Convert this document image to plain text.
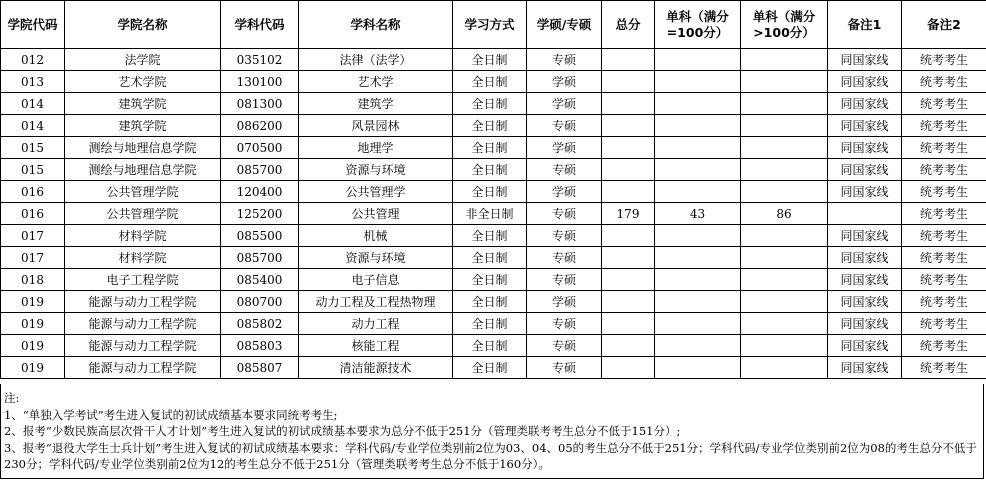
学院代码	学院名称	学科代码	学科名称	学习方式	学硕/专硕	总分	单科（满分=100分）	单科（满分>100分）	备注1	备注2
012	法学院	035102	法律（法学）	全日制	专硕				同国家线	统考考生
013	艺术学院	130100	艺术学	全日制	学硕				同国家线	统考考生
014	建筑学院	081300	建筑学	全日制	学硕				同国家线	统考考生
014	建筑学院	086200	风景园林	全日制	专硕				同国家线	统考考生
015	测绘与地理信息学院	070500	地理学	全日制	学硕				同国家线	统考考生
015	测绘与地理信息学院	085700	资源与环境	全日制	专硕				同国家线	统考考生
016	公共管理学院	120400	公共管理学	全日制	学硕				同国家线	统考考生
016	公共管理学院	125200	公共管理	非全日制	专硕	179	43	86		统考考生
017	材料学院	085500	机械	全日制	专硕				同国家线	统考考生
017	材料学院	085700	资源与环境	全日制	专硕				同国家线	统考考生
018	电子工程学院	085400	电子信息	全日制	专硕				同国家线	统考考生
019	能源与动力工程学院	080700	动力工程及工程热物理	全日制	学硕				同国家线	统考考生
019	能源与动力工程学院	085802	动力工程	全日制	专硕				同国家线	统考考生
019	能源与动力工程学院	085803	核能工程	全日制	专硕				同国家线	统考考生
019	能源与动力工程学院	085807	清洁能源技术	全日制	专硕				同国家线	统考考生
注:
1、“单独入学考试”考生进入复试的初试成绩基本要求同统考考生;
2、报考“少数民族高层次骨干人才计划”考生进入复试的初试成绩基本要求为总分不低于251分（管理类联考考生总分不低于151分）;
3、报考“退役大学生士兵计划”考生进入复试的初试成绩基本要求：学科代码/专业学位类别前2位为03、04、05的考生总分不低于251分；学科代码/专业学位类别前2位为08的考生总分不低于230分；学科代码/专业学位类别前2位为12的考生总分不低于251分（管理类联考考生总分不低于160分）。
